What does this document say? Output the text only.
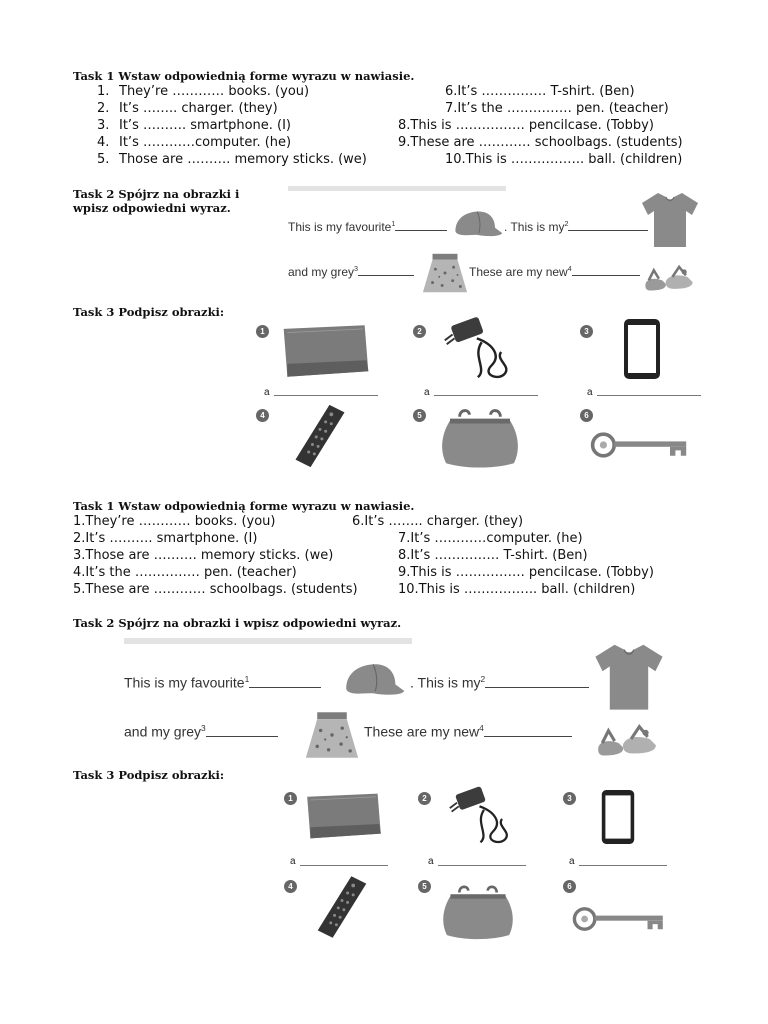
Task 1 Wstaw odpowiednią forme wyrazu w nawiasie.
1. They’re ………… books. (you)
2. It’s …….. charger. (they)
3. It’s ………. smartphone. (I)
4. It’s …………computer. (he)
5. Those are ………. memory sticks. (we)
6.It’s …………… T-shirt. (Ben)
7.It’s the …………… pen. (teacher)
8.This is ……………. pencilcase. (Tobby)
9.These are ………… schoolbags. (students)
10.This is …………….. ball. (children)
Task 2 Spójrz na obrazki i wpisz odpowiedni wyraz.
This is my favourite$^1$	. This is $my^2$
and my grey$^3$	These are my new$^4$
Task 3 Podpisz obrazki:
1	2	3
a	a	a
4	5	6
Task 1 Wstaw odpowiednią forme wyrazu w nawiasie.
1.They’re ………… books. (you)	6.It’s …….. charger. (they)
2.It’s ………. smartphone. (I)	7.It’s …………computer. (he)
3.Those are ………. memory sticks. (we)	8.It’s …………… T-shirt. (Ben)
4.It’s the …………… pen. (teacher)	9.This is ……………. pencilcase. (Tobby)
5.These are ………… schoolbags. (students)	10.This is …………….. ball. (children)
Task 2 Spójrz na obrazki i wpisz odpowiedni wyraz.
This is my favourite$^1$	. This is $my^2$
and my grey$^3$	These are my new$^4$
Task 3 Podpisz obrazki:
1	2	3
a	a	a
4	5	6
